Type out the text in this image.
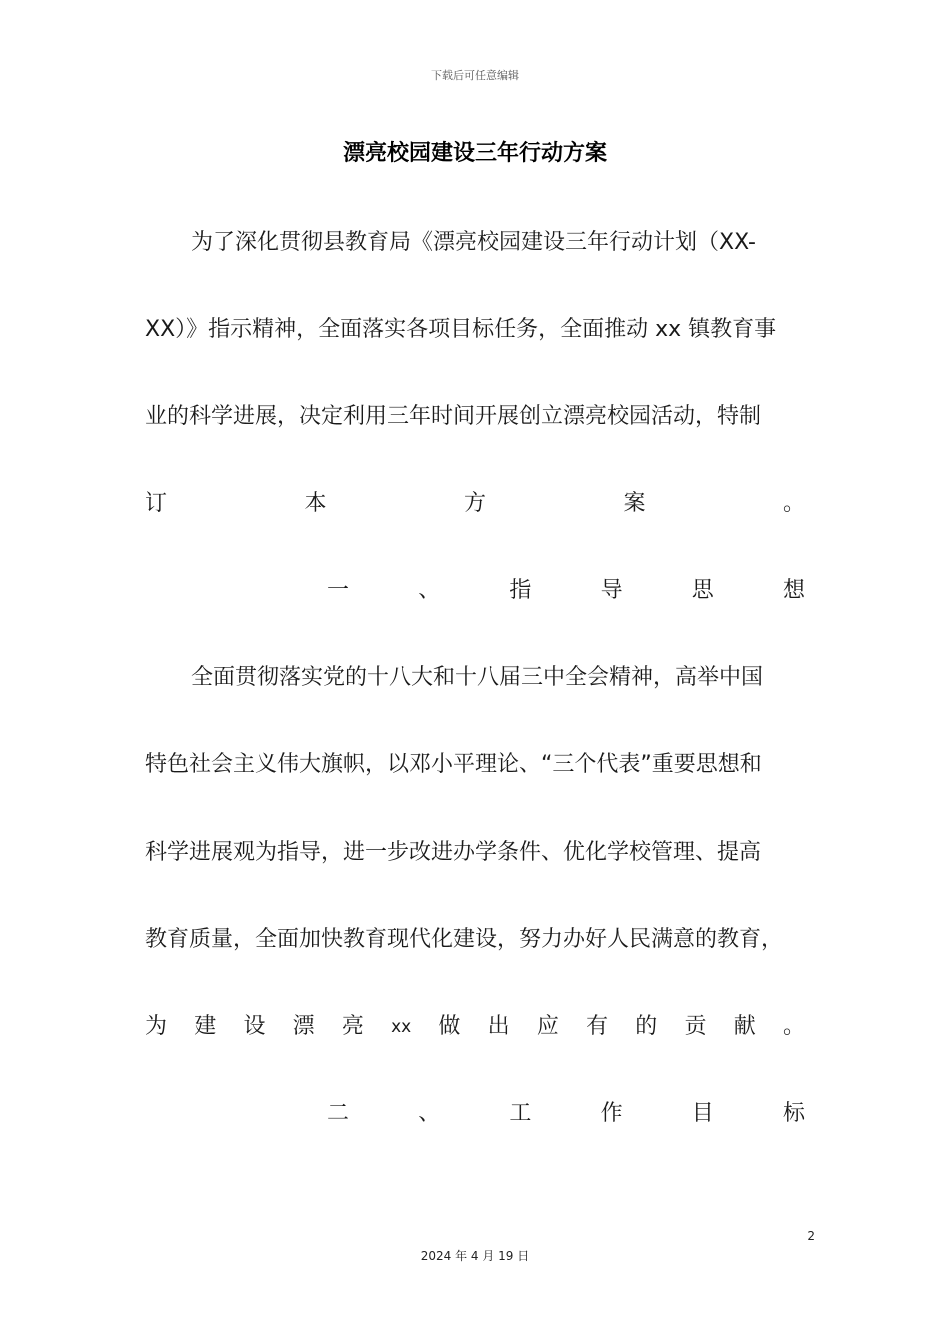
下载后可任意编辑
漂亮校园建设三年行动方案
为了深化贯彻县教育局《漂亮校园建设三年行动计划（XX-
XX）》指示精神，全面落实各项目标任务，全面推动 xx 镇教育事
业的科学进展，决定利用三年时间开展创立漂亮校园活动，特制
订	本	方	案	。
一	、	指	导	思	想
全面贯彻落实党的十八大和十八届三中全会精神，高举中国
特色社会主义伟大旗帜，以邓小平理论、“三个代表”重要思想和
科学进展观为指导，进一步改进办学条件、优化学校管理、提高
教育质量，全面加快教育现代化建设，努力办好人民满意的教育，
为 建 设 漂 亮 xx 做 出 应 有 的 贡 献 。
二	、	工	作	目	标
2
2024 年 4 月 19 日
